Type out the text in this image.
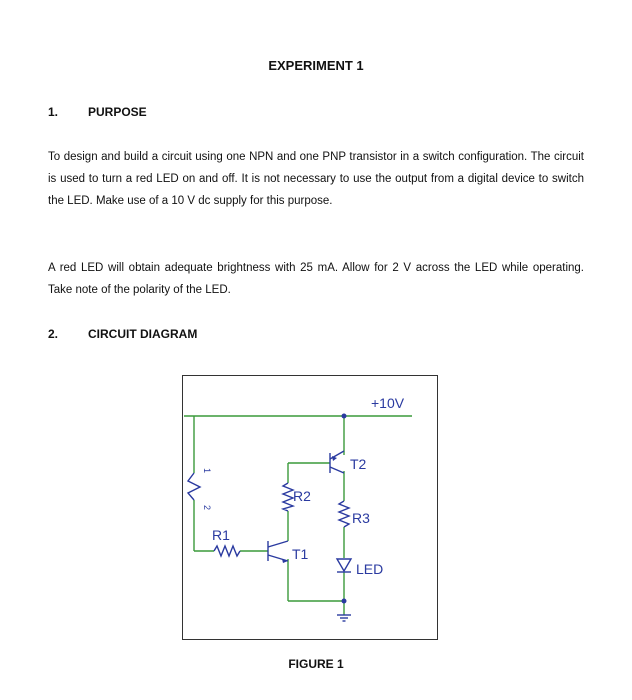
EXPERIMENT 1
1. PURPOSE

To design and build a circuit using one NPN and one PNP transistor in a switch configuration. The circuit is used to turn a red LED on and off. It is not necessary to use the output from a digital device to switch the LED. Make use of a 10 V dc supply for this purpose.

A red LED will obtain adequate brightness with 25 mA. Allow for 2 V across the LED while operating. Take note of the polarity of the LED.

2. CIRCUIT DIAGRAM
+10V
T2
R2
R3
R1
T1
LED
1
2
FIGURE 1
